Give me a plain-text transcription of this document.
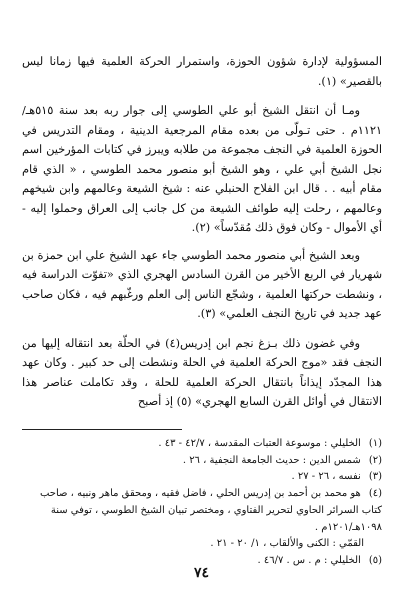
المسؤولية لإدارة شؤون الحوزة، واستمرار الحركة العلمية فيها زمانا ليس بالقصير» (١).

ومـا أن انتقل الشيخ أبو علي الطوسي إلى جوار ربه بعد سنة ٥١٥هـ/ ١١٢١م . حتى تـولّى من بعده مقام المرجعية الدينية ، ومقام التدريس في الحوزة العلمية في النجف مجموعة من طلابه ويبرز في كتابات المؤرخين اسم نجل الشيخ أبي علي ، وهو الشيخ أبو منصور محمد الطوسي ، « الذي قام مقام أبيه . . قال ابن الفلاح الحنبلي عنه : شيخ الشيعة وعالمهم وابن شيخهم وعالمهم ، رحلت إليه طوائف الشيعة من كل جانب إلى العراق وحملوا إليه - أي الأموال - وكان فوق ذلك مُقدّساً» (٢).

وبعد الشيخ أبي منصور محمد الطوسي جاء عهد الشيخ علي ابن حمزة بن شهريار في الربع الأخير من القرن السادس الهجري الذي «تفوّت الدراسة فيه ، ونشطت حركتها العلمية ، وشجّع الناس إلى العلم ورغّبهم فيه ، فكان صاحب عهد جديد في تاريخ النجف العلمي» (٣).

وفي غضون ذلك بـزغ نجم ابن إدريس(٤) في الحلّة بعد انتقاله إليها من النجف فقد «موج الحركة العلمية في الحلة ونشطت إلى حد كبير . وكان عهد هذا المجدّد إيذاناً بانتقال الحركة العلمية للحلة ، وقد تكاملت عناصر هذا الانتقال في أوائل القرن السابع الهجري» (٥) إذ أصبح

(١) الخليلي : موسوعة العتبات المقدسة ، ٤٢/٧ - ٤٣ .

(٢) شمس الدين : حديث الجامعة النجفية ، ٢٦ .

(٣) نفسه ، ٢٦ - ٢٧ .

(٤) هو محمد بن أحمد بن إدريس الحلي ، فاضل فقيه ، ومحقق ماهر ونبيه ، صاحب كتاب السرائر الحاوي لتحرير الفتاوي ، ومختصر تبيان الشيخ الطوسي ، توفي سنة ١٠٩٨هـ/١٢٠١م .

القمّي : الكنى والألقاب ، ١/ ٢٠ - ٢١ .

(٥) الخليلي : م . س . ٤٦/٧ .

٧٤
